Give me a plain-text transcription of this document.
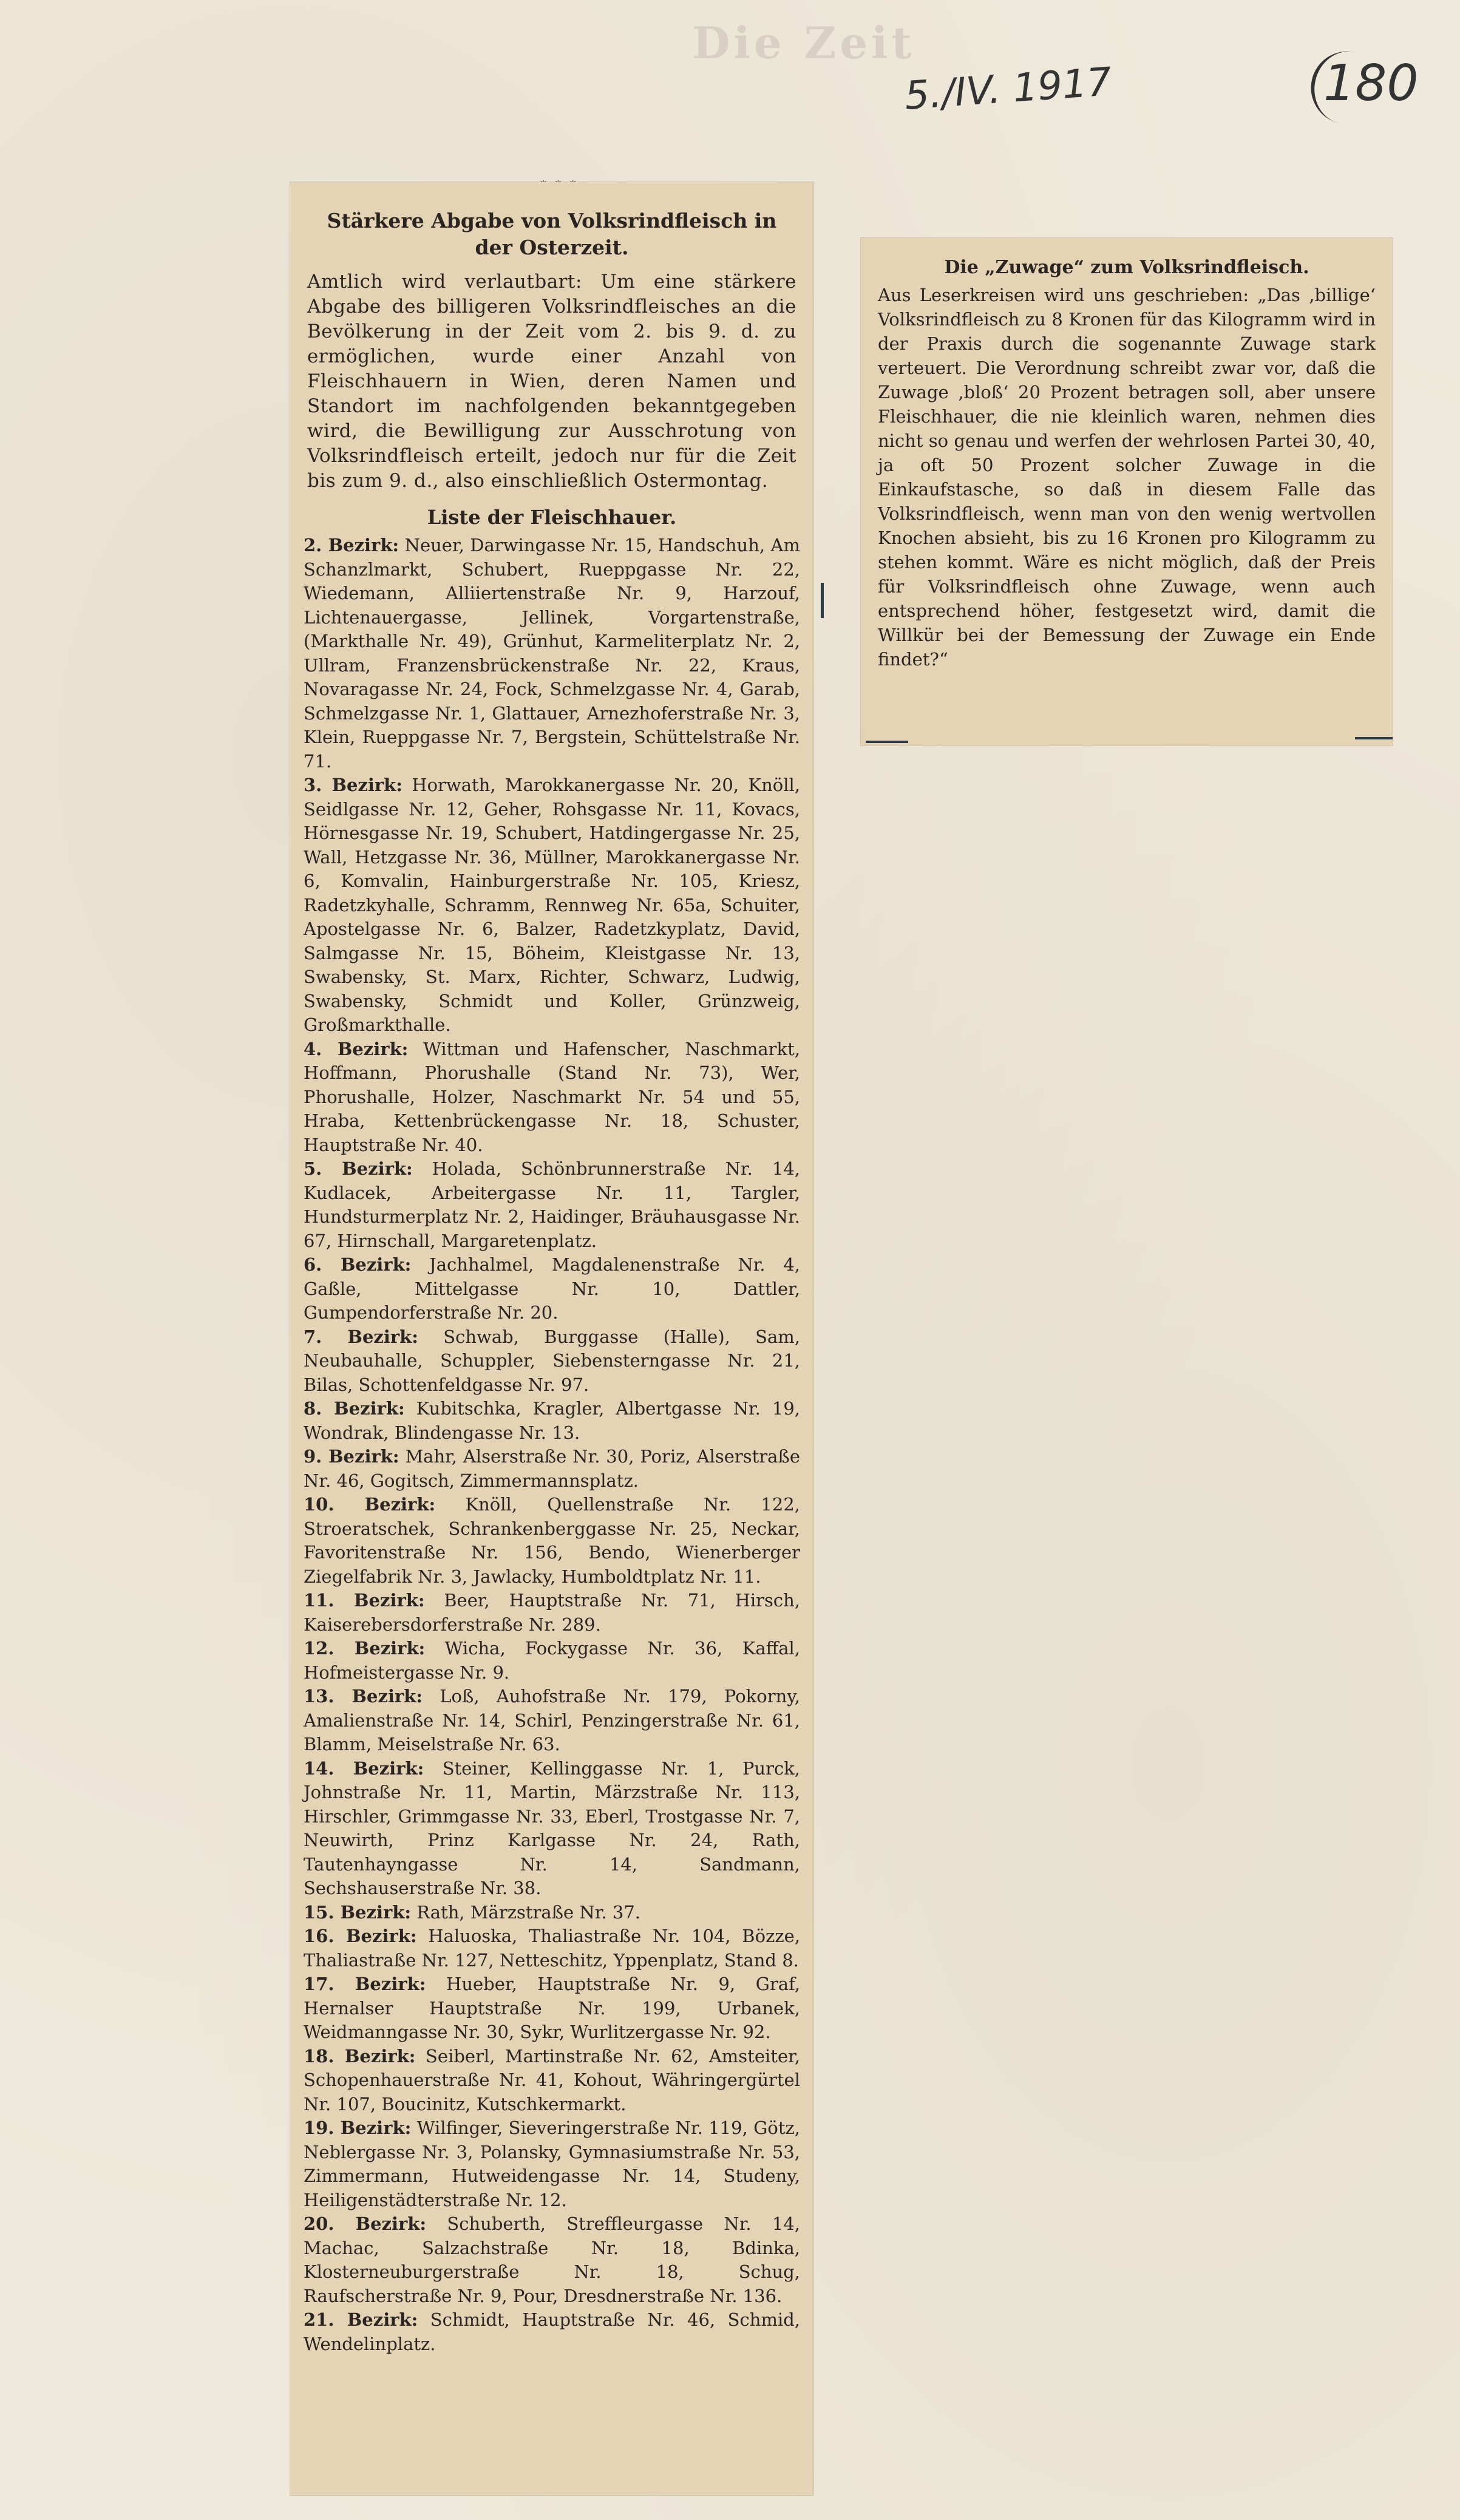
Die Zeit
5./IV. 1917	180
Stärkere Abgabe von Volksrindfleisch in der Osterzeit.
Amtlich wird verlautbart: Um eine stärkere Abgabe des billigeren Volksrindfleisches an die Bevölkerung in der Zeit vom 2. bis 9. d. zu ermöglichen, wurde einer Anzahl von Fleischhauern in Wien, deren Namen und Standort im nachfolgenden bekanntgegeben wird, die Bewilligung zur Ausschrotung von Volksrindfleisch erteilt, jedoch nur für die Zeit bis zum 9. d., also einschließlich Ostermontag.
Liste der Fleischhauer.

2. Bezirk: Neuer, Darwingasse Nr. 15, Handschuh, Am Schanzlmarkt, Schubert, Rueppgasse Nr. 22, Wiedemann, Alliiertenstraße Nr. 9, Harzouf, Lichtenauergasse, Jellinek, Vorgartenstraße, (Markthalle Nr. 49), Grünhut, Karmeliterplatz Nr. 2, Ullram, Franzensbrückenstraße Nr. 22, Kraus, Novaragasse Nr. 24, Fock, Schmelzgasse Nr. 4, Garab, Schmelzgasse Nr. 1, Glattauer, Arnezhoferstraße Nr. 3, Klein, Rueppgasse Nr. 7, Bergstein, Schüttelstraße Nr. 71.

3. Bezirk: Horwath, Marokkanergasse Nr. 20, Knöll, Seidlgasse Nr. 12, Geher, Rohsgasse Nr. 11, Kovacs, Hörnesgasse Nr. 19, Schubert, Hatdingergasse Nr. 25, Wall, Hetzgasse Nr. 36, Müllner, Marokkanergasse Nr. 6, Komvalin, Hainburgerstraße Nr. 105, Kriesz, Radetzkyhalle, Schramm, Rennweg Nr. 65a, Schuiter, Apostelgasse Nr. 6, Balzer, Radetzkyplatz, David, Salmgasse Nr. 15, Böheim, Kleistgasse Nr. 13, Swabensky, St. Marx, Richter, Schwarz, Ludwig, Swabensky, Schmidt und Koller, Grünzweig, Großmarkthalle.

4. Bezirk: Wittman und Hafenscher, Naschmarkt, Hoffmann, Phorushalle (Stand Nr. 73), Wer, Phorushalle, Holzer, Naschmarkt Nr. 54 und 55, Hraba, Kettenbrückengasse Nr. 18, Schuster, Hauptstraße Nr. 40.

5. Bezirk: Holada, Schönbrunnerstraße Nr. 14, Kudlacek, Arbeitergasse Nr. 11, Targler, Hundsturmerplatz Nr. 2, Haidinger, Bräuhausgasse Nr. 67, Hirnschall, Margaretenplatz.

6. Bezirk: Jachhalmel, Magdalenenstraße Nr. 4, Gaßle, Mittelgasse Nr. 10, Dattler, Gumpendorferstraße Nr. 20.

7. Bezirk: Schwab, Burggasse (Halle), Sam, Neubauhalle, Schuppler, Siebensterngasse Nr. 21, Bilas, Schottenfeldgasse Nr. 97.

8. Bezirk: Kubitschka, Kragler, Albertgasse Nr. 19, Wondrak, Blindengasse Nr. 13.

9. Bezirk: Mahr, Alserstraße Nr. 30, Poriz, Alserstraße Nr. 46, Gogitsch, Zimmermannsplatz.

10. Bezirk: Knöll, Quellenstraße Nr. 122, Stroeratschek, Schrankenberggasse Nr. 25, Neckar, Favoritenstraße Nr. 156, Bendo, Wienerberger Ziegelfabrik Nr. 3, Jawlacky, Humboldtplatz Nr. 11.

11. Bezirk: Beer, Hauptstraße Nr. 71, Hirsch, Kaiserebersdorferstraße Nr. 289.

12. Bezirk: Wicha, Fockygasse Nr. 36, Kaffal, Hofmeistergasse Nr. 9.

13. Bezirk: Loß, Auhofstraße Nr. 179, Pokorny, Amalienstraße Nr. 14, Schirl, Penzingerstraße Nr. 61, Blamm, Meiselstraße Nr. 63.

14. Bezirk: Steiner, Kellinggasse Nr. 1, Purck, Johnstraße Nr. 11, Martin, Märzstraße Nr. 113, Hirschler, Grimmgasse Nr. 33, Eberl, Trostgasse Nr. 7, Neuwirth, Prinz Karlgasse Nr. 24, Rath, Tautenhayngasse Nr. 14, Sandmann, Sechshauserstraße Nr. 38.

15. Bezirk: Rath, Märzstraße Nr. 37.

16. Bezirk: Haluoska, Thaliastraße Nr. 104, Bözze, Thaliastraße Nr. 127, Netteschitz, Yppenplatz, Stand 8.

17. Bezirk: Hueber, Hauptstraße Nr. 9, Graf, Hernalser Hauptstraße Nr. 199, Urbanek, Weidmanngasse Nr. 30, Sykr, Wurlitzergasse Nr. 92.

18. Bezirk: Seiberl, Martinstraße Nr. 62, Amsteiter, Schopenhauerstraße Nr. 41, Kohout, Währingergürtel Nr. 107, Boucinitz, Kutschkermarkt.

19. Bezirk: Wilfinger, Sieveringerstraße Nr. 119, Götz, Neblergasse Nr. 3, Polansky, Gymnasiumstraße Nr. 53, Zimmermann, Hutweidengasse Nr. 14, Studeny, Heiligenstädterstraße Nr. 12.

20. Bezirk: Schuberth, Streffleurgasse Nr. 14, Machac, Salzachstraße Nr. 18, Bdinka, Klosterneuburgerstraße Nr. 18, Schug, Raufscherstraße Nr. 9, Pour, Dresdnerstraße Nr. 136.

21. Bezirk: Schmidt, Hauptstraße Nr. 46, Schmid, Wendelinplatz.

Die „Zuwage“ zum Volksrindfleisch.
Aus Leserkreisen wird uns geschrieben: „Das ‚billige‘ Volksrindfleisch zu 8 Kronen für das Kilogramm wird in der Praxis durch die sogenannte Zuwage stark verteuert. Die Verordnung schreibt zwar vor, daß die Zuwage ‚bloß‘ 20 Prozent betragen soll, aber unsere Fleischhauer, die nie kleinlich waren, nehmen dies nicht so genau und werfen der wehrlosen Partei 30, 40, ja oft 50 Prozent solcher Zuwage in die Einkaufstasche, so daß in diesem Falle das Volksrindfleisch, wenn man von den wenig wertvollen Knochen absieht, bis zu 16 Kronen pro Kilogramm zu stehen kommt. Wäre es nicht möglich, daß der Preis für Volksrindfleisch ohne Zuwage, wenn auch entsprechend höher, festgesetzt wird, damit die Willkür bei der Bemessung der Zuwage ein Ende findet?“
